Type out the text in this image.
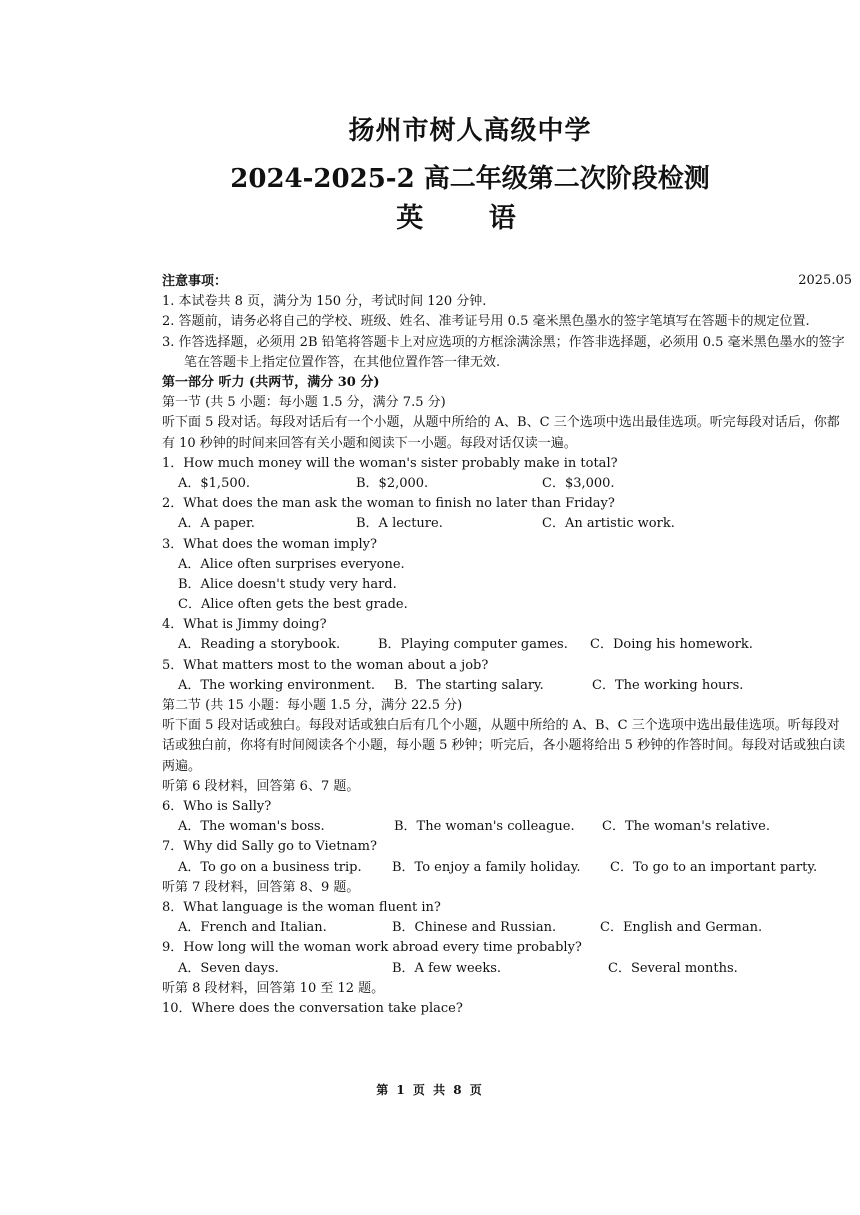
扬州市树人高级中学
2024-2025-2 高二年级第二次阶段检测
英 语
2025.05
注意事项：
1. 本试卷共 8 页，满分为 150 分，考试时间 120 分钟.
2. 答题前，请务必将自己的学校、班级、姓名、准考证号用 0.5 毫米黑色墨水的签字笔填写在答题卡的规定位置.
3. 作答选择题，必须用 2B 铅笔将答题卡上对应选项的方框涂满涂黑；作答非选择题，必须用 0.5 毫米黑色墨水的签字笔在答题卡上指定位置作答，在其他位置作答一律无效.
第一部分 听力 (共两节，满分 30 分)
第一节 (共 5 小题：每小题 1.5 分，满分 7.5 分)
听下面 5 段对话。每段对话后有一个小题，从题中所给的 A、B、C 三个选项中选出最佳选项。听完每段对话后，你都有 10 秒钟的时间来回答有关小题和阅读下一小题。每段对话仅读一遍。
1．How much money will the woman's sister probably make in total?
A．$1,500.	B．$2,000.	C．$3,000.
2．What does the man ask the woman to finish no later than Friday?
A．A paper.	B．A lecture.	C．An artistic work.
3．What does the woman imply?
A．Alice often surprises everyone.
B．Alice doesn't study very hard.
C．Alice often gets the best grade.
4．What is Jimmy doing?
A．Reading a storybook.	B．Playing computer games.	C．Doing his homework.
5．What matters most to the woman about a job?
A．The working environment.	B．The starting salary.	C．The working hours.
第二节 (共 15 小题：每小题 1.5 分，满分 22.5 分)
听下面 5 段对话或独白。每段对话或独白后有几个小题，从题中所给的 A、B、C 三个选项中选出最佳选项。听每段对话或独白前，你将有时间阅读各个小题，每小题 5 秒钟；听完后，各小题将给出 5 秒钟的作答时间。每段对话或独白读两遍。
听第 6 段材料，回答第 6、7 题。
6．Who is Sally?
A．The woman's boss.	B．The woman's colleague.	C．The woman's relative.
7．Why did Sally go to Vietnam?
A．To go on a business trip.	B．To enjoy a family holiday.	C．To go to an important party.
听第 7 段材料，回答第 8、9 题。
8．What language is the woman fluent in?
A．French and Italian.	B．Chinese and Russian.	C．English and German.
9．How long will the woman work abroad every time probably?
A．Seven days.	B．A few weeks.	C．Several months.
听第 8 段材料，回答第 10 至 12 题。
10．Where does the conversation take place?
第 1 页 共 8 页
